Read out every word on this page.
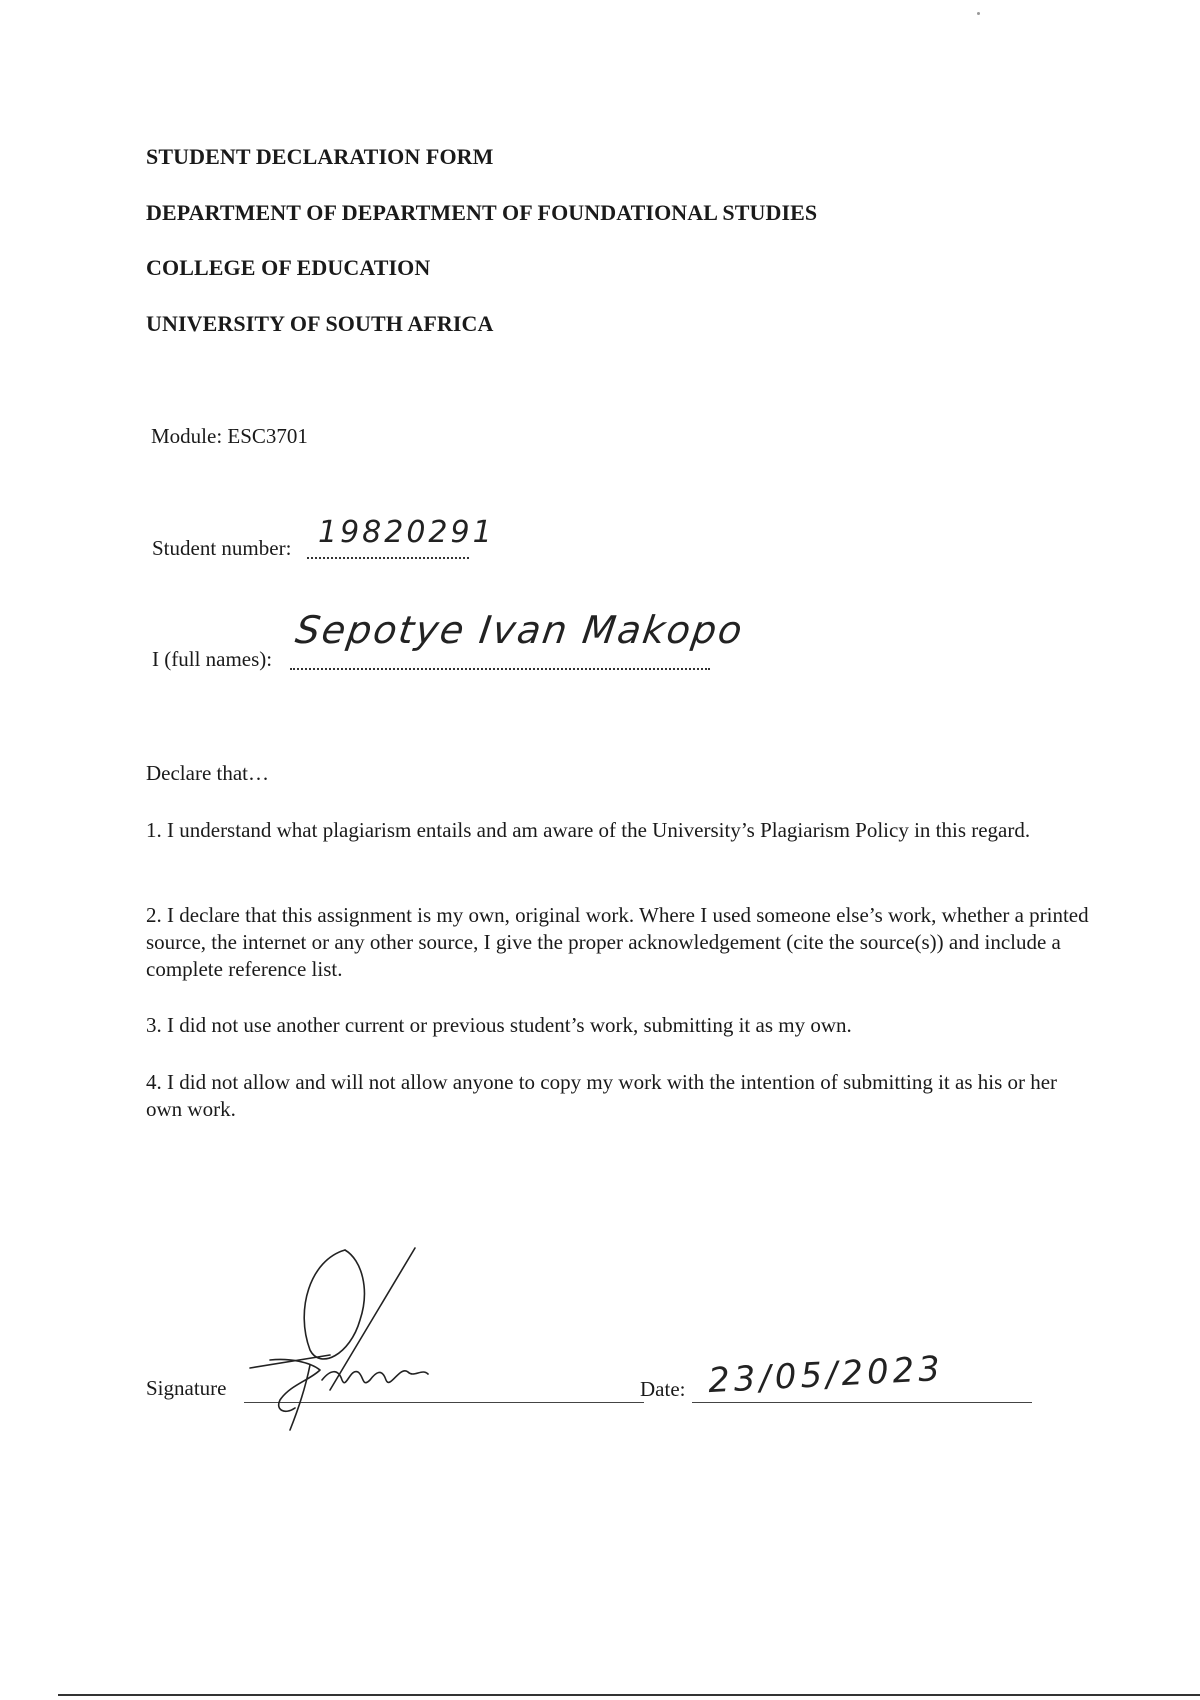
STUDENT DECLARATION FORM

DEPARTMENT OF DEPARTMENT OF FOUNDATIONAL STUDIES

COLLEGE OF EDUCATION

UNIVERSITY OF SOUTH AFRICA

Module: ESC3701

Student number: 19820291
I (full names):
Sepotye Ivan Makopo

Declare that…

1. I understand what plagiarism entails and am aware of the University’s Plagiarism Policy in this regard.

2. I declare that this assignment is my own, original work. Where I used someone else’s work, whether a printed source, the internet or any other source, I give the proper acknowledgement (cite the source(s)) and include a complete reference list.

3. I did not use another current or previous student’s work, submitting it as my own.

4. I did not allow and will not allow anyone to copy my work with the intention of submitting it as his or her own work.

Signature	Date: 23/05/2023
